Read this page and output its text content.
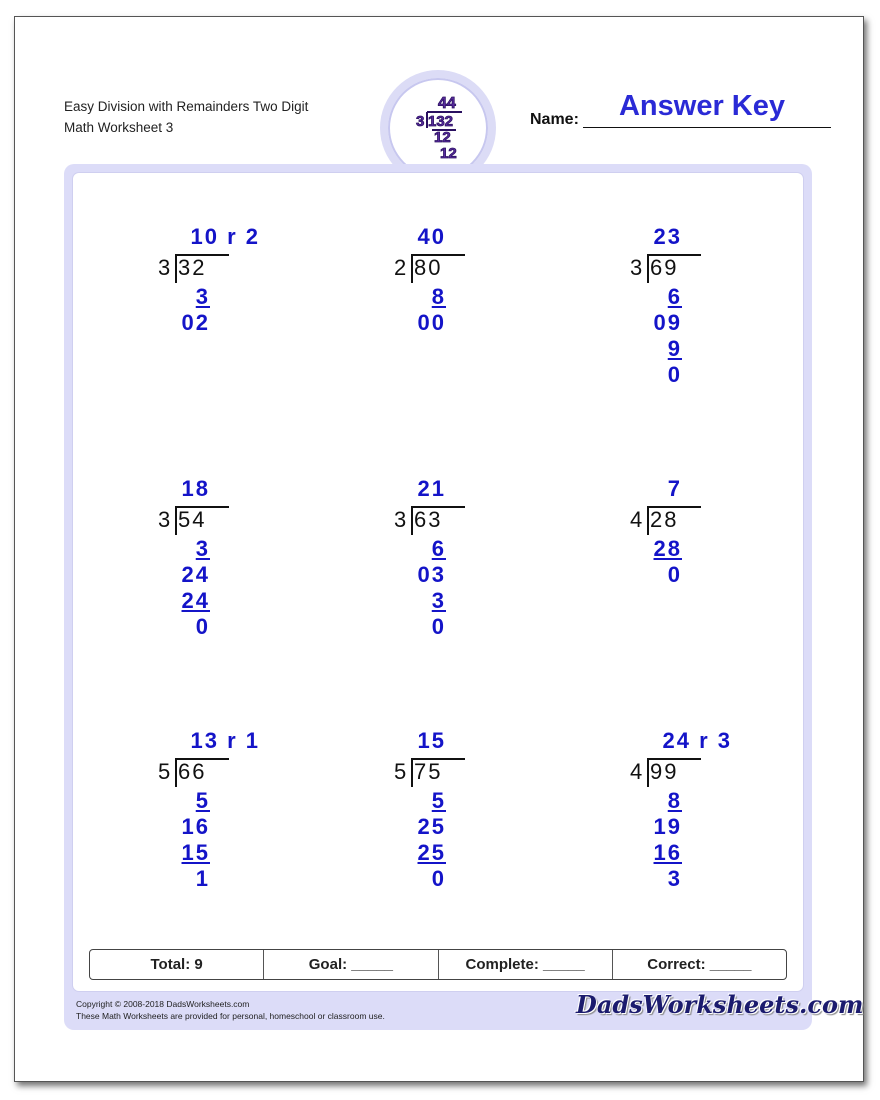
Easy Division with Remainders Two Digit
Math Worksheet 3
44
3 132
12
12
Name:	Answer Key
3 32
10 r 2
3
02
2 80
40
8
00
3 69
23
6
09
9
0
3 54
18
3
24
24
0
3 63
21
6
03
3
0
4 28
7
28
0
5 66
13 r 1
5
16
15
1
5 75
15
5
25
25
0
4 99
24 r 3
8
19
16
3
Total: 9	Goal: _____	Complete: _____	Correct: _____
Copyright © 2008-2018 DadsWorksheets.com
These Math Worksheets are provided for personal, homeschool or classroom use.	DadsWorksheets.com
